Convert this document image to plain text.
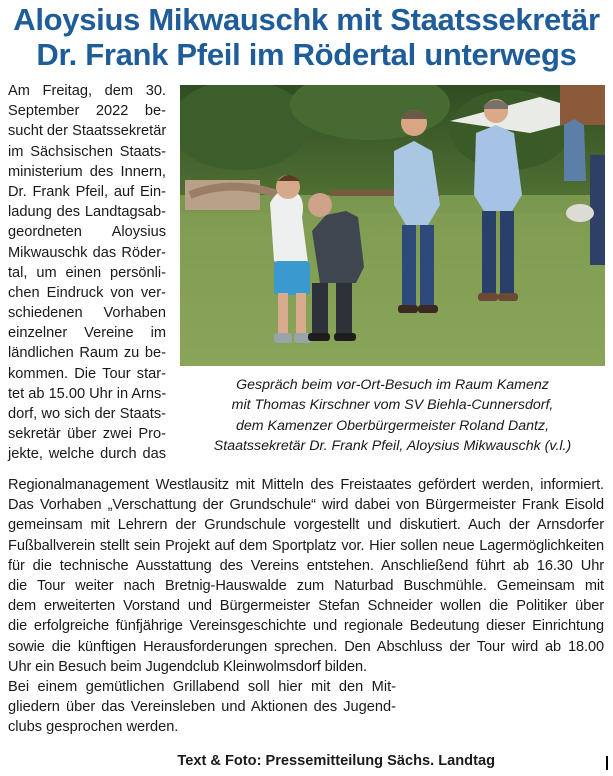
Aloysius Mikwauschk mit Staatssekretär
Dr. Frank Pfeil im Rödertal unterwegs
Am Freitag, dem 30.
September 2022 be-
sucht der Staatssekretär
im Sächsischen Staats-
ministerium des Innern,
Dr. Frank Pfeil, auf Ein-
ladung des Landtagsab-
geordneten Aloysius
Mikwauschk das Röder-
tal, um einen persönli-
chen Eindruck von ver-
schiedenen Vorhaben
einzelner Vereine im
ländlichen Raum zu be-
kommen. Die Tour star-
tet ab 15.00 Uhr in Arns-
dorf, wo sich der Staats-
sekretär über zwei Pro-
jekte, welche durch das
Gespräch beim vor-Ort-Besuch im Raum Kamenz
mit Thomas Kirschner vom SV Biehla-Cunnersdorf,
dem Kamenzer Oberbürgermeister Roland Dantz,
Staatssekretär Dr. Frank Pfeil, Aloysius Mikwauschk (v.l.)
Regionalmanagement Westlausitz mit Mitteln des Freistaates gefördert werden, informiert.
Das Vorhaben „Verschattung der Grundschule“ wird dabei von Bürgermeister Frank Eisold
gemeinsam mit Lehrern der Grundschule vorgestellt und diskutiert. Auch der Arnsdorfer
Fußballverein stellt sein Projekt auf dem Sportplatz vor. Hier sollen neue Lagermöglichkeiten
für die technische Ausstattung des Vereins entstehen. Anschließend führt ab 16.30 Uhr
die Tour weiter nach Bretnig-Hauswalde zum Naturbad Buschmühle. Gemeinsam mit
dem erweiterten Vorstand und Bürgermeister Stefan Schneider wollen die Politiker über
die erfolgreiche fünfjährige Vereinsgeschichte und regionale Bedeutung dieser Einrichtung
sowie die künftigen Herausforderungen sprechen. Den Abschluss der Tour wird ab 18.00
Uhr ein Besuch beim Jugendclub Kleinwolmsdorf bilden.
Bei einem gemütlichen Grillabend soll hier mit den Mit-
gliedern über das Vereinsleben und Aktionen des Jugend-
clubs gesprochen werden.
Text & Foto: Pressemitteilung Sächs. Landtag
